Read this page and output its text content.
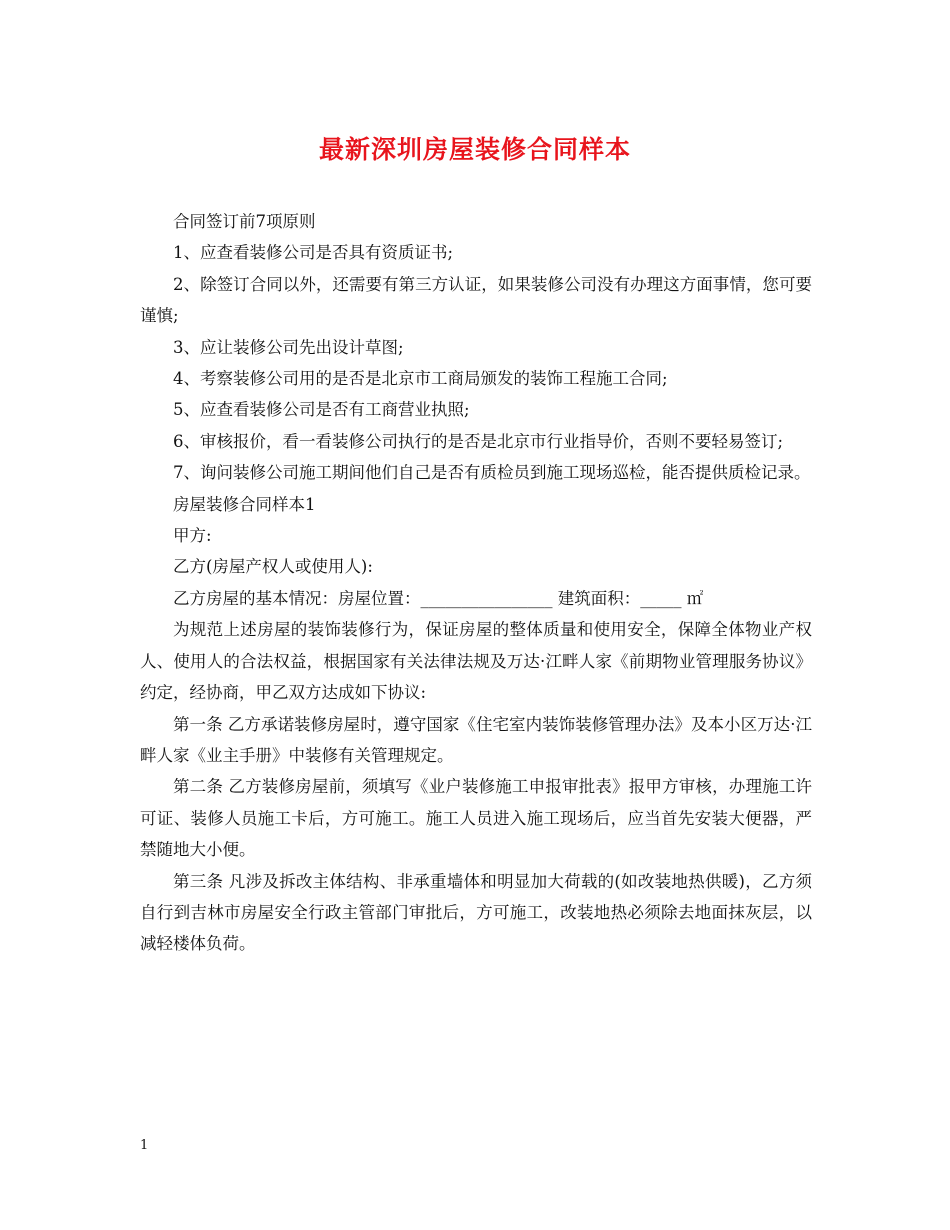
最新深圳房屋装修合同样本

合同签订前7项原则

1、应查看装修公司是否具有资质证书;

2、除签订合同以外，还需要有第三方认证，如果装修公司没有办理这方面事情，您可要谨慎;

3、应让装修公司先出设计草图;

4、考察装修公司用的是否是北京市工商局颁发的装饰工程施工合同;

5、应查看装修公司是否有工商营业执照;

6、审核报价，看一看装修公司执行的是否是北京市行业指导价，否则不要轻易签订;

7、询问装修公司施工期间他们自己是否有质检员到施工现场巡检，能否提供质检记录。

房屋装修合同样本1

甲方:

乙方(房屋产权人或使用人):

乙方房屋的基本情况：房屋位置：________________ 建筑面积：_____ ㎡

为规范上述房屋的装饰装修行为，保证房屋的整体质量和使用安全，保障全体物业产权人、使用人的合法权益，根据国家有关法律法规及万达·江畔人家《前期物业管理服务协议》约定，经协商，甲乙双方达成如下协议:

第一条 乙方承诺装修房屋时，遵守国家《住宅室内装饰装修管理办法》及本小区万达·江畔人家《业主手册》中装修有关管理规定。

第二条 乙方装修房屋前，须填写《业户装修施工申报审批表》报甲方审核，办理施工许可证、装修人员施工卡后，方可施工。施工人员进入施工现场后，应当首先安装大便器，严禁随地大小便。

第三条 凡涉及拆改主体结构、非承重墙体和明显加大荷载的(如改装地热供暖)，乙方须自行到吉林市房屋安全行政主管部门审批后，方可施工，改装地热必须除去地面抹灰层，以减轻楼体负荷。

1
